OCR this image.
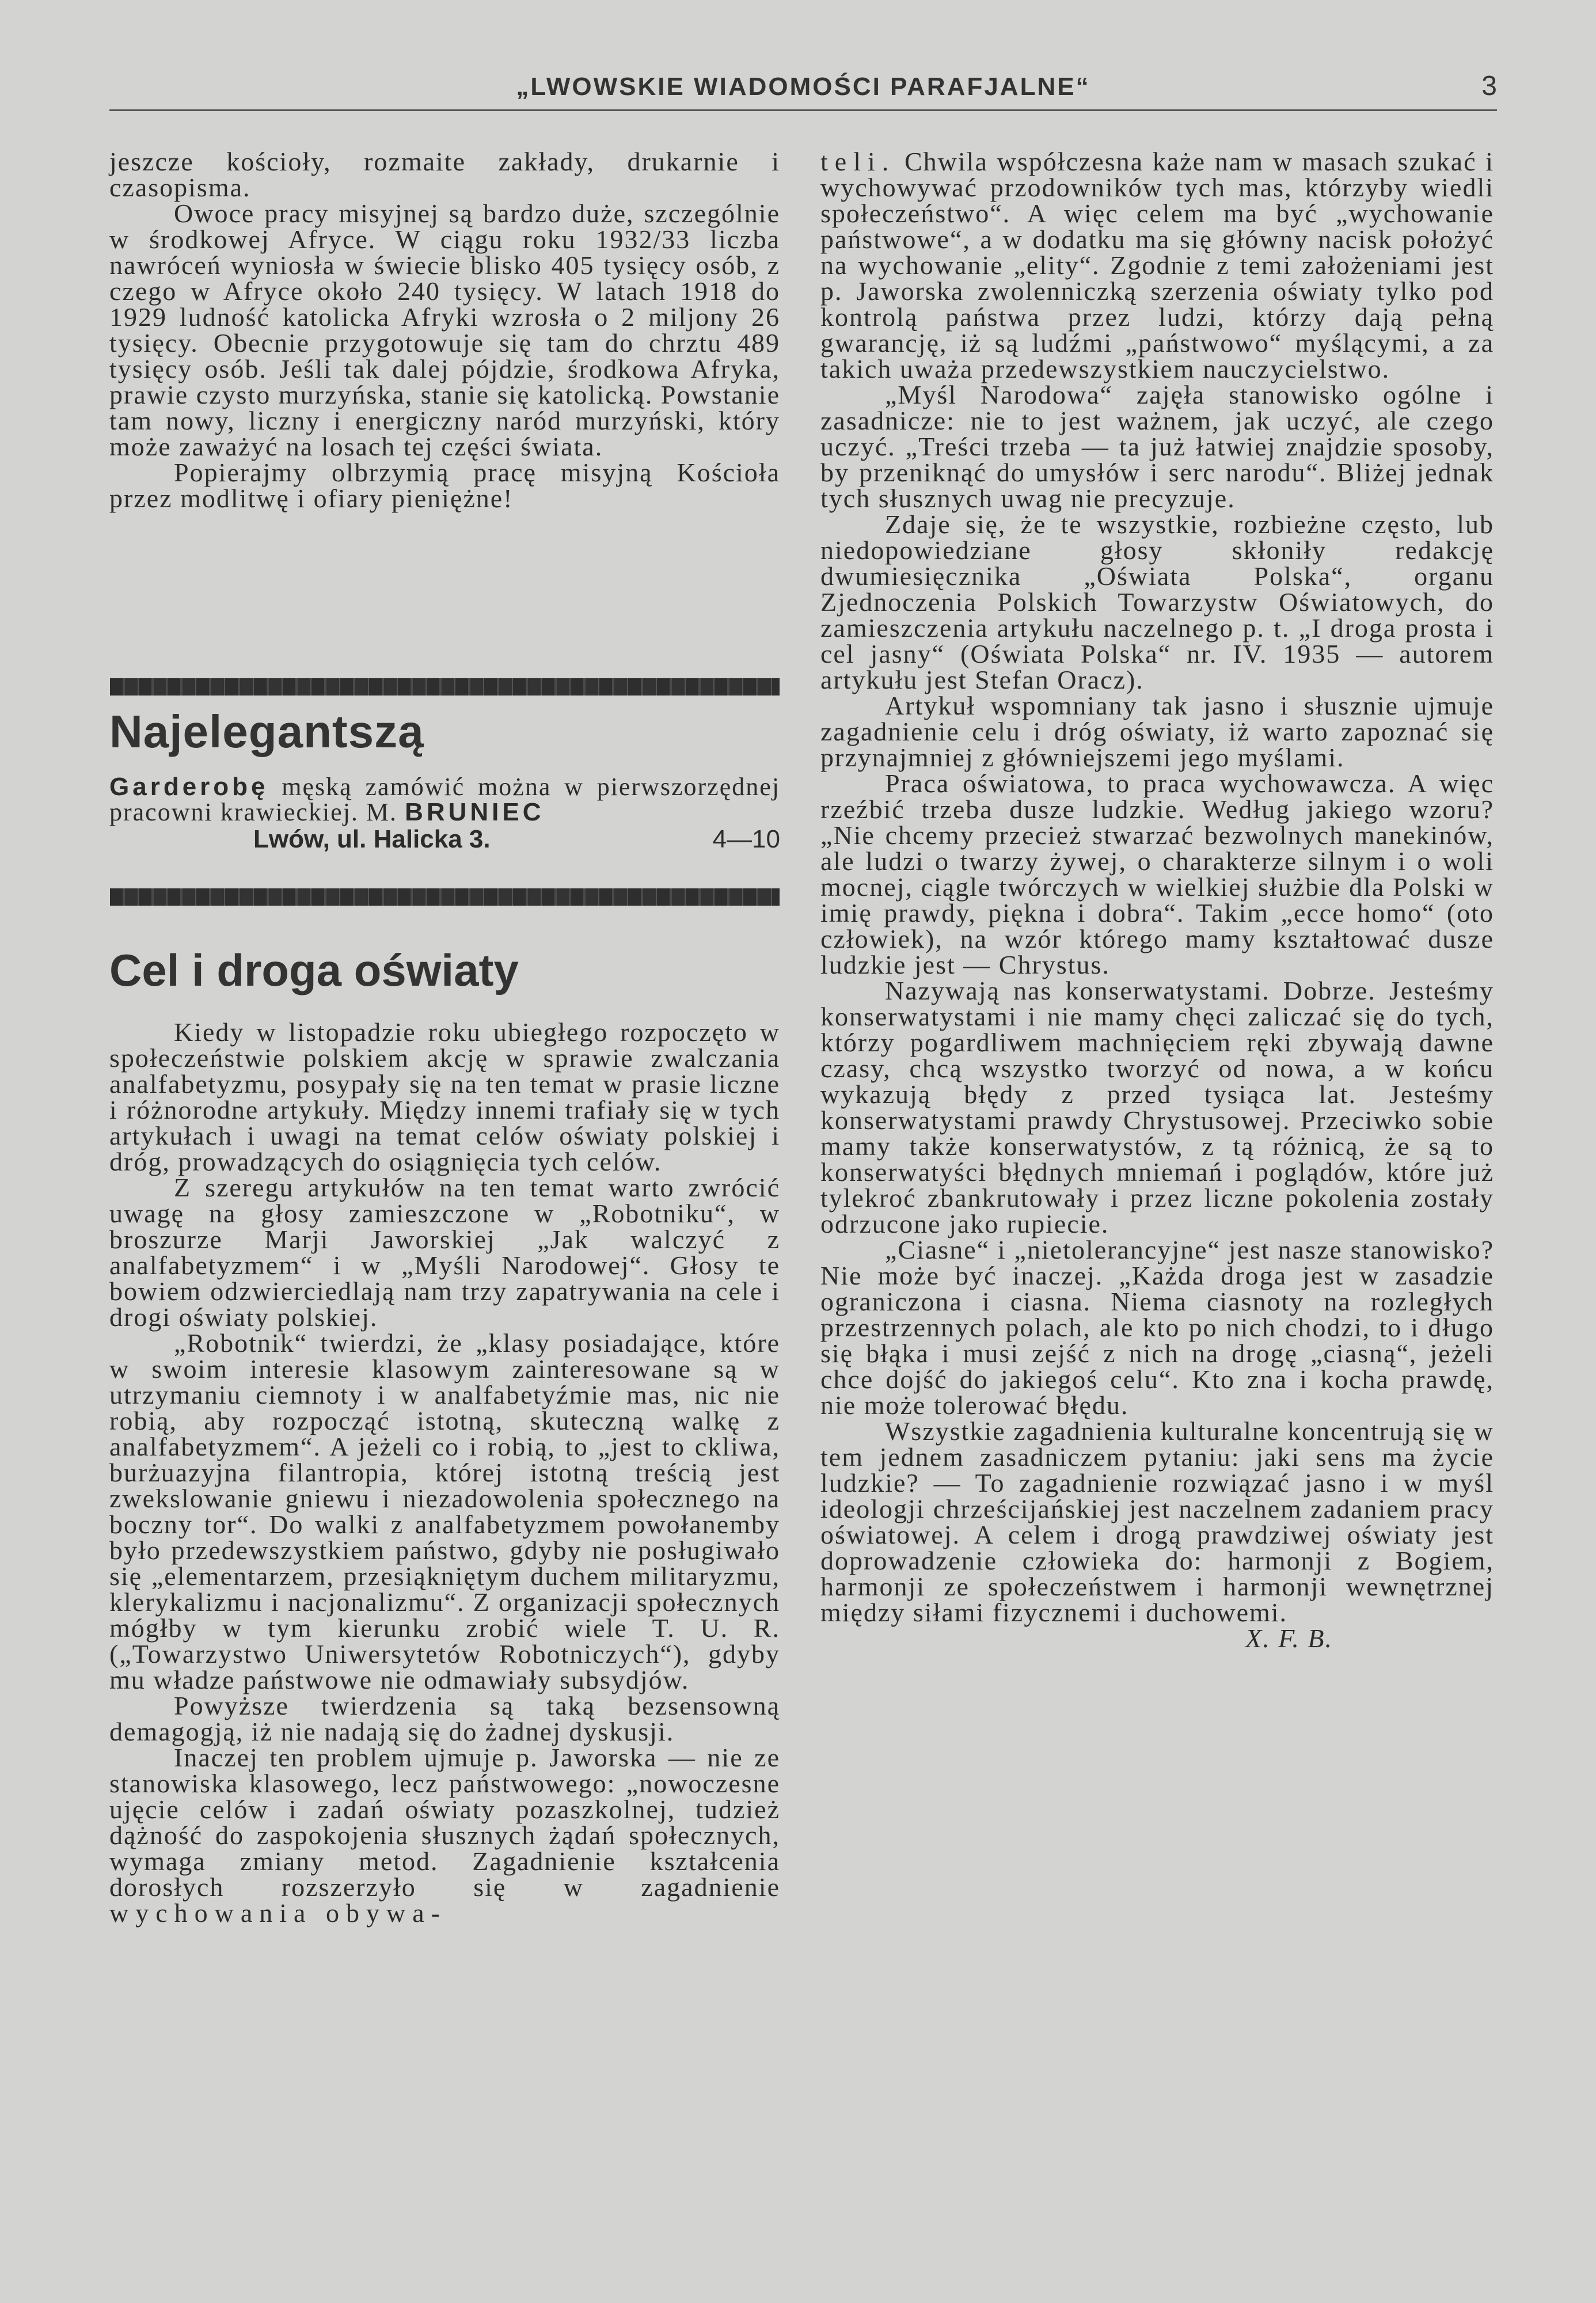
„LWOWSKIE WIADOMOŚCI PARAFJALNE“	3

jeszcze kościoły, rozmaite zakłady, drukarnie i czasopisma.

Owoce pracy misyjnej są bardzo duże, szczególnie w środkowej Afryce. W ciągu roku 1932/33 liczba nawróceń wyniosła w świecie blisko 405 tysięcy osób, z czego w Afryce około 240 tysięcy. W latach 1918 do 1929 ludność katolicka Afryki wzrosła o 2 miljony 26 tysięcy. Obecnie przygotowuje się tam do chrztu 489 tysięcy osób. Jeśli tak dalej pójdzie, środkowa Afryka, prawie czysto murzyńska, stanie się katolicką. Powstanie tam nowy, liczny i energiczny naród murzyński, który może zaważyć na losach tej części świata.

Popierajmy olbrzymią pracę misyjną Kościoła przez modlitwę i ofiary pieniężne!

Najelegantszą
Garderobę męską zamówić można w pierwszorzędnej pracowni krawieckiej. M. BRUNIEC
Lwów, ul. Halicka 3.	4—10
Cel i droga oświaty

Kiedy w listopadzie roku ubiegłego rozpoczęto w społeczeństwie polskiem akcję w sprawie zwalczania analfabetyzmu, posypały się na ten temat w prasie liczne i różnorodne artykuły. Między innemi trafiały się w tych artykułach i uwagi na temat celów oświaty polskiej i dróg, prowadzących do osiągnięcia tych celów.

Z szeregu artykułów na ten temat warto zwrócić uwagę na głosy zamieszczone w „Robotniku“, w broszurze Marji Jaworskiej „Jak walczyć z analfabetyzmem“ i w „Myśli Narodowej“. Głosy te bowiem odzwierciedlają nam trzy zapatrywania na cele i drogi oświaty polskiej.

„Robotnik“ twierdzi, że „klasy posiadające, które w swoim interesie klasowym zainteresowane są w utrzymaniu ciemnoty i w analfabetyźmie mas, nic nie robią, aby rozpocząć istotną, skuteczną walkę z analfabetyzmem“. A jeżeli co i robią, to „jest to ckliwa, burżuazyjna filantropia, której istotną treścią jest zwekslowanie gniewu i niezadowolenia społecznego na boczny tor“. Do walki z analfabetyzmem powołanemby było przedewszystkiem państwo, gdyby nie posługiwało się „elementarzem, przesiąkniętym duchem militaryzmu, klerykalizmu i nacjonalizmu“. Z organizacji społecznych mógłby w tym kierunku zrobić wiele T. U. R. („Towarzystwo Uniwersytetów Robotniczych“), gdyby mu władze państwowe nie odmawiały subsydjów.

Powyższe twierdzenia są taką bezsensowną demagogją, iż nie nadają się do żadnej dyskusji.

Inaczej ten problem ujmuje p. Jaworska — nie ze stanowiska klasowego, lecz państwowego: „nowoczesne ujęcie celów i zadań oświaty pozaszkolnej, tudzież dążność do zaspokojenia słusznych żądań społecznych, wymaga zmiany metod. Zagadnienie kształcenia dorosłych rozszerzyło się w zagadnienie wychowania obywa-

teli. Chwila współczesna każe nam w masach szukać i wychowywać przodowników tych mas, którzyby wiedli społeczeństwo“. A więc celem ma być „wychowanie państwowe“, a w dodatku ma się główny nacisk położyć na wychowanie „elity“. Zgodnie z temi założeniami jest p. Jaworska zwolenniczką szerzenia oświaty tylko pod kontrolą państwa przez ludzi, którzy dają pełną gwarancję, iż są ludźmi „państwowo“ myślącymi, a za takich uważa przedewszystkiem nauczycielstwo.

„Myśl Narodowa“ zajęła stanowisko ogólne i zasadnicze: nie to jest ważnem, jak uczyć, ale czego uczyć. „Treści trzeba — ta już łatwiej znajdzie sposoby, by przeniknąć do umysłów i serc narodu“. Bliżej jednak tych słusznych uwag nie precyzuje.

Zdaje się, że te wszystkie, rozbieżne często, lub niedopowiedziane głosy skłoniły redakcję dwumiesięcznika „Oświata Polska“, organu Zjednoczenia Polskich Towarzystw Oświatowych, do zamieszczenia artykułu naczelnego p. t. „I droga prosta i cel jasny“ (Oświata Polska“ nr. IV. 1935 — autorem artykułu jest Stefan Oracz).

Artykuł wspomniany tak jasno i słusznie ujmuje zagadnienie celu i dróg oświaty, iż warto zapoznać się przynajmniej z główniejszemi jego myślami.

Praca oświatowa, to praca wychowawcza. A więc rzeźbić trzeba dusze ludzkie. Według jakiego wzoru? „Nie chcemy przecież stwarzać bezwolnych manekinów, ale ludzi o twarzy żywej, o charakterze silnym i o woli mocnej, ciągle twórczych w wielkiej służbie dla Polski w imię prawdy, piękna i dobra“. Takim „ecce homo“ (oto człowiek), na wzór którego mamy kształtować dusze ludzkie jest — Chrystus.

Nazywają nas konserwatystami. Dobrze. Jesteśmy konserwatystami i nie mamy chęci zaliczać się do tych, którzy pogardliwem machnięciem ręki zbywają dawne czasy, chcą wszystko tworzyć od nowa, a w końcu wykazują błędy z przed tysiąca lat. Jesteśmy konserwatystami prawdy Chrystusowej. Przeciwko sobie mamy także konserwatystów, z tą różnicą, że są to konserwatyści błędnych mniemań i poglądów, które już tylekroć zbankrutowały i przez liczne pokolenia zostały odrzucone jako rupiecie.

„Ciasne“ i „nietolerancyjne“ jest nasze stanowisko? Nie może być inaczej. „Każda droga jest w zasadzie ograniczona i ciasna. Niema ciasnoty na rozległych przestrzennych polach, ale kto po nich chodzi, to i długo się błąka i musi zejść z nich na drogę „ciasną“, jeżeli chce dojść do jakiegoś celu“. Kto zna i kocha prawdę, nie może tolerować błędu.

Wszystkie zagadnienia kulturalne koncentrują się w tem jednem zasadniczem pytaniu: jaki sens ma życie ludzkie? — To zagadnienie rozwiązać jasno i w myśl ideologji chrześcijańskiej jest naczelnem zadaniem pracy oświatowej. A celem i drogą prawdziwej oświaty jest doprowadzenie człowieka do: harmonji z Bogiem, harmonji ze społeczeństwem i harmonji wewnętrznej między siłami fizycznemi i duchowemi.

X. F. B.
